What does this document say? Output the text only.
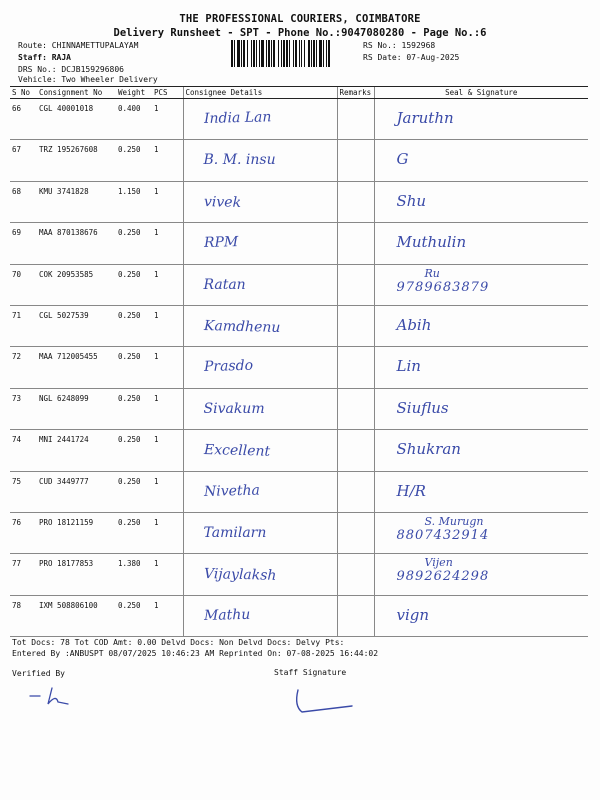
THE PROFESSIONAL COURIERS, COIMBATORE
Delivery Runsheet - SPT - Phone No.:9047080280 - Page No.:6
Route: CHINNAMETTUPALAYAM
Staff: RAJA
DRS No.: DCJB159296806
Vehicle: Two Wheeler Delivery
RS No.: 1592968
RS Date: 07-Aug-2025
S No	Consignment No	Weight	PCS	Consignee Details	Remarks	Seal & Signature
66	CGL 40001018	0.400	1	India Lan		Jaruthn

67	TRZ 195267608	0.250	1	B. M. insu		G

68	KMU 3741828	1.150	1	vivek		Shu

69	MAA 870138676	0.250	1	RPM		Muthulin

70	COK 20953585	0.250	1	Ratan		Ru
9789683879

71	CGL 5027539	0.250	1	Kamdhenu		Abih

72	MAA 712005455	0.250	1	Prasdo		Lin

73	NGL 6248099	0.250	1	Sivakum		Siuflus

74	MNI 2441724	0.250	1	Excellent		Shukran

75	CUD 3449777	0.250	1	Nivetha		H/R

76	PRO 18121159	0.250	1	Tamilarn		S. Murugn
8807432914

77	PRO 18177853	1.380	1	Vijaylaksh		Vijen
9892624298

78	IXM 508806100	0.250	1	Mathu		vign
Tot Docs: 78 Tot COD Amt: 0.00 Delvd Docs: Non Delvd Docs: Delvy Pts:
Entered By :ANBUSPT 08/07/2025 10:46:23 AM Reprinted On: 07-08-2025 16:44:02
Verified By	Staff Signature
